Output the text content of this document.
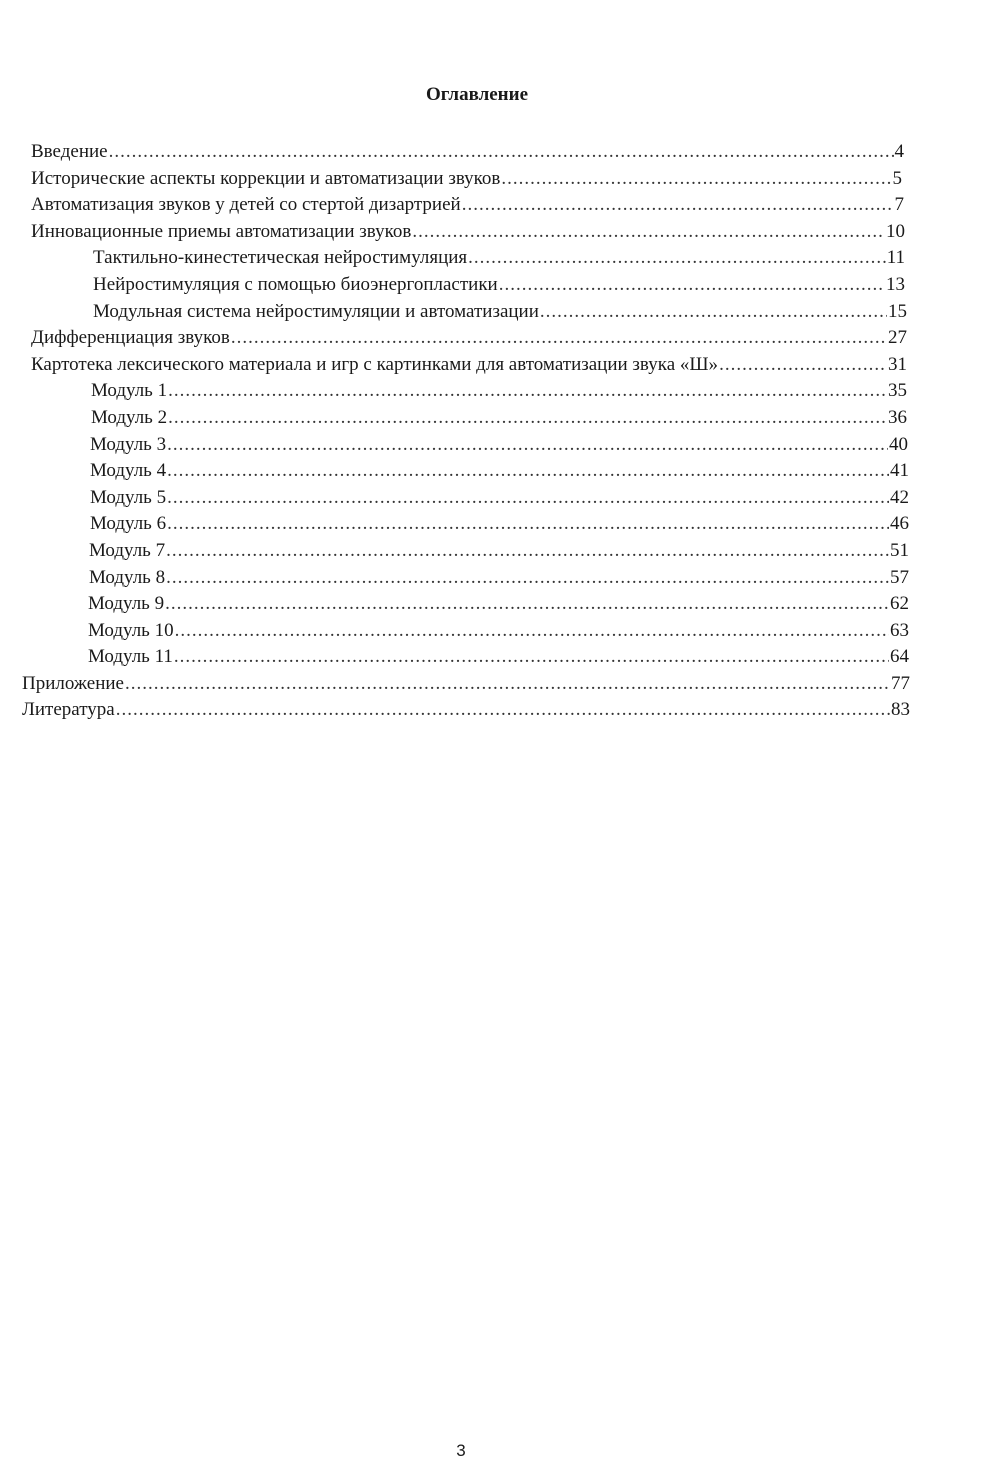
Оглавление
Введение .....	4
Исторические аспекты коррекции и автоматизации звуков .....	5
Автоматизация звуков у детей со стертой дизартрией .....	7
Инновационные приемы автоматизации звуков .....	10
Тактильно-кинестетическая нейростимуляция .....	11
Нейростимуляция с помощью биоэнергопластики .....	13
Модульная система нейростимуляции и автоматизации .....	15
Дифференциация звуков .....	27
Картотека лексического материала и игр с картинками для автоматизации звука «Ш» .....	31
Модуль 1 .....	35
Модуль 2 .....	36
Модуль 3 .....	40
Модуль 4 .....	41
Модуль 5 .....	42
Модуль 6 .....	46
Модуль 7 .....	51
Модуль 8 .....	57
Модуль 9 .....	62
Модуль 10 .....	63
Модуль 11 .....	64
Приложение .....	77
Литература .....	83
3
